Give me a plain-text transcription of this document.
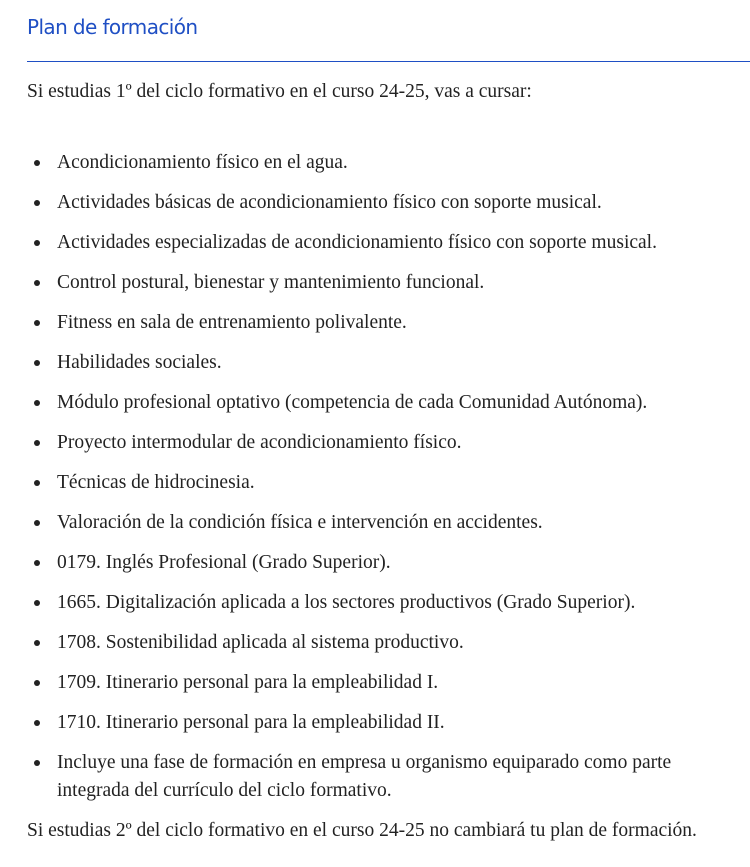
Plan de formación

Si estudias 1º del ciclo formativo en el curso 24-25, vas a cursar:

Acondicionamiento físico en el agua.
Actividades básicas de acondicionamiento físico con soporte musical.
Actividades especializadas de acondicionamiento físico con soporte musical.
Control postural, bienestar y mantenimiento funcional.
Fitness en sala de entrenamiento polivalente.
Habilidades sociales.
Módulo profesional optativo (competencia de cada Comunidad Autónoma).
Proyecto intermodular de acondicionamiento físico.
Técnicas de hidrocinesia.
Valoración de la condición física e intervención en accidentes.
0179. Inglés Profesional (Grado Superior).
1665. Digitalización aplicada a los sectores productivos (Grado Superior).
1708. Sostenibilidad aplicada al sistema productivo.
1709. Itinerario personal para la empleabilidad I.
1710. Itinerario personal para la empleabilidad II.
Incluye una fase de formación en empresa u organismo equiparado como parte integrada del currículo del ciclo formativo.

Si estudias 2º del ciclo formativo en el curso 24-25 no cambiará tu plan de formación.
